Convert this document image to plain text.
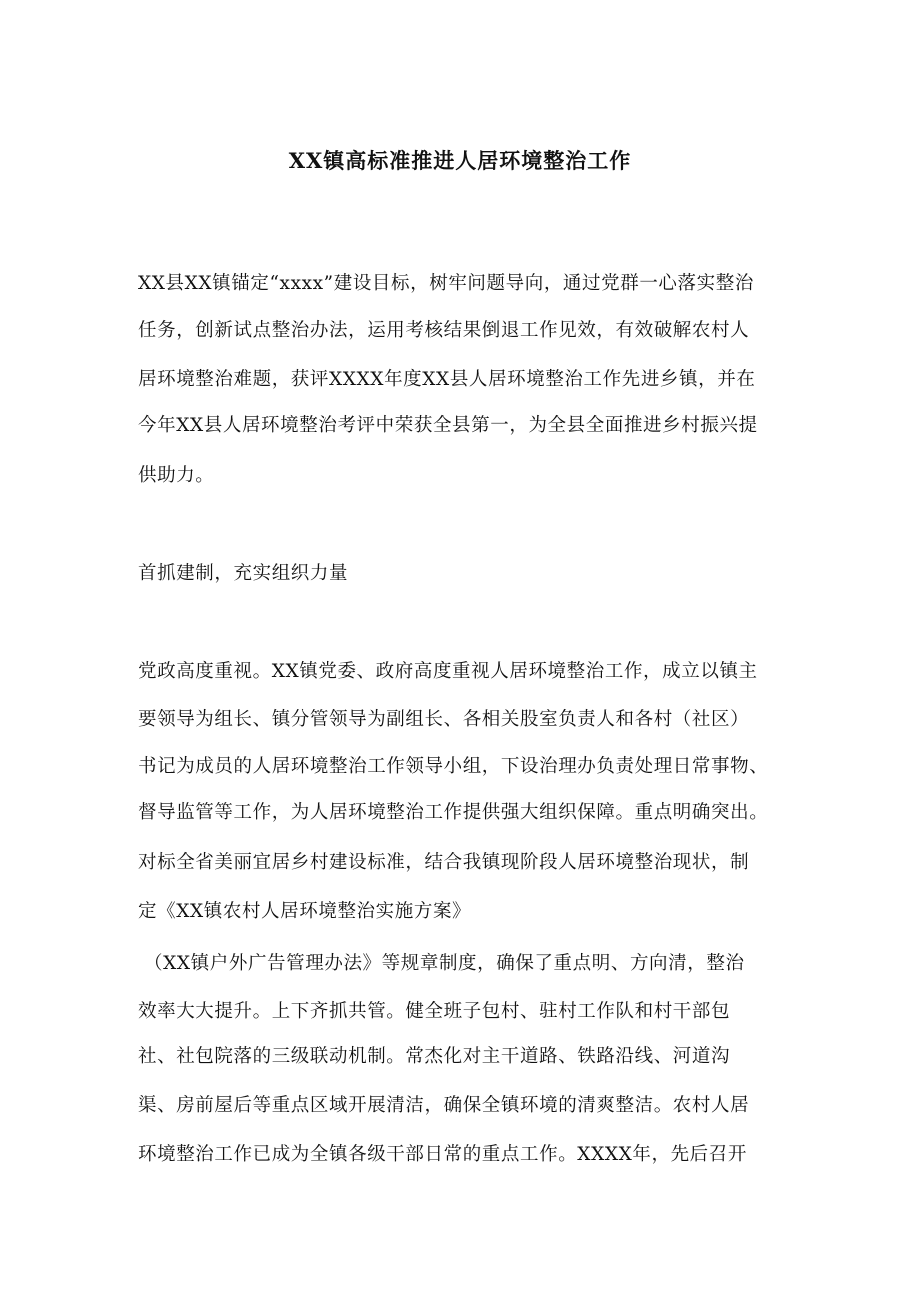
XX镇高标准推进人居环境整治工作
XX县XX镇锚定“xxxx”建设目标，树牢问题导向，通过党群一心落实整治
任务，创新试点整治办法，运用考核结果倒退工作见效，有效破解农村人
居环境整治难题，获评XXXX年度XX县人居环境整治工作先进乡镇，并在
今年XX县人居环境整治考评中荣获全县第一，为全县全面推进乡村振兴提
供助力。
首抓建制，充实组织力量
党政高度重视。XX镇党委、政府高度重视人居环境整治工作，成立以镇主
要领导为组长、镇分管领导为副组长、各相关股室负责人和各村（社区）
书记为成员的人居环境整治工作领导小组，下设治理办负责处理日常事物、
督导监管等工作，为人居环境整治工作提供强大组织保障。重点明确突出。
对标全省美丽宜居乡村建设标准，结合我镇现阶段人居环境整治现状，制
定《XX镇农村人居环境整治实施方案》
（XX镇户外广告管理办法》等规章制度，确保了重点明、方向清，整治
效率大大提升。上下齐抓共管。健全班子包村、驻村工作队和村干部包
社、社包院落的三级联动机制。常杰化对主干道路、铁路沿线、河道沟
渠、房前屋后等重点区域开展清洁，确保全镇环境的清爽整洁。农村人居
环境整治工作已成为全镇各级干部日常的重点工作。XXXX年，先后召开
